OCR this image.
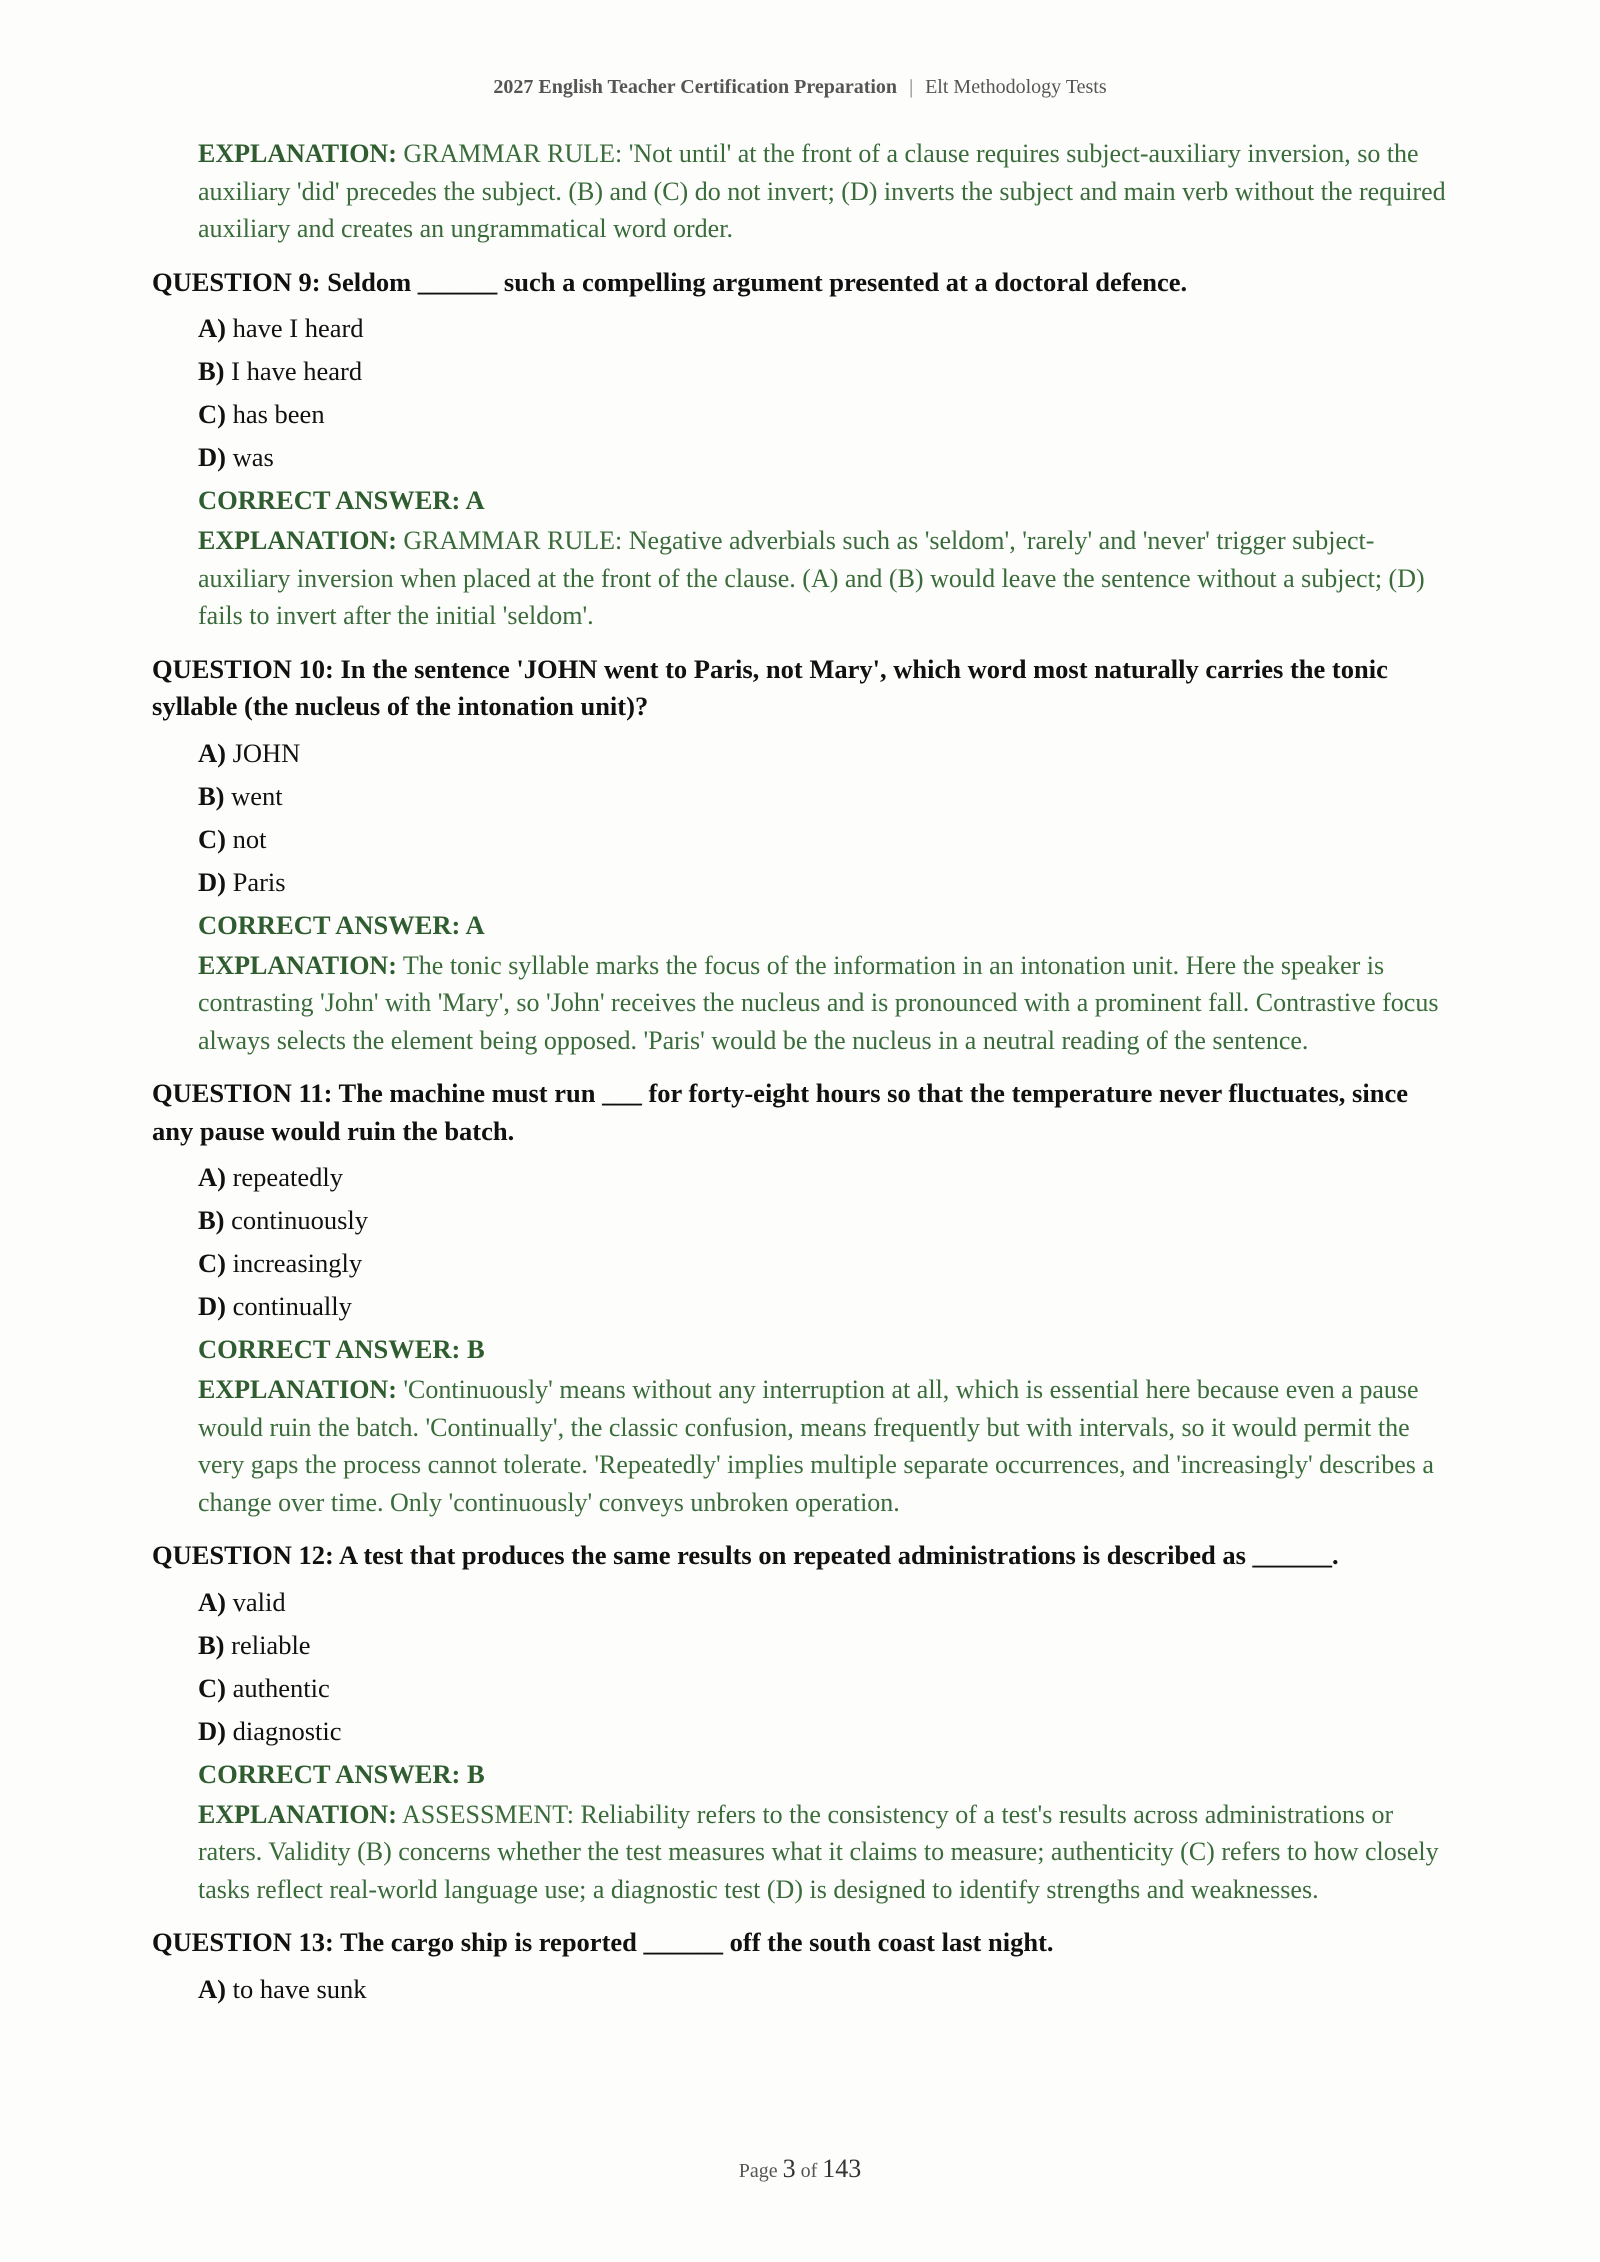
2027 English Teacher Certification Preparation | Elt Methodology Tests
EXPLANATION: GRAMMAR RULE: 'Not until' at the front of a clause requires subject-auxiliary inversion, so the auxiliary 'did' precedes the subject. (B) and (C) do not invert; (D) inverts the subject and main verb without the required auxiliary and creates an ungrammatical word order.
QUESTION 9: Seldom ______ such a compelling argument presented at a doctoral defence.
A) have I heard
B) I have heard
C) has been
D) was
CORRECT ANSWER: A
EXPLANATION: GRAMMAR RULE: Negative adverbials such as 'seldom', 'rarely' and 'never' trigger subject-auxiliary inversion when placed at the front of the clause. (A) and (B) would leave the sentence without a subject; (D) fails to invert after the initial 'seldom'.
QUESTION 10: In the sentence 'JOHN went to Paris, not Mary', which word most naturally carries the tonic syllable (the nucleus of the intonation unit)?
A) JOHN
B) went
C) not
D) Paris
CORRECT ANSWER: A
EXPLANATION: The tonic syllable marks the focus of the information in an intonation unit. Here the speaker is contrasting 'John' with 'Mary', so 'John' receives the nucleus and is pronounced with a prominent fall. Contrastive focus always selects the element being opposed. 'Paris' would be the nucleus in a neutral reading of the sentence.
QUESTION 11: The machine must run ___ for forty-eight hours so that the temperature never fluctuates, since any pause would ruin the batch.
A) repeatedly
B) continuously
C) increasingly
D) continually
CORRECT ANSWER: B
EXPLANATION: 'Continuously' means without any interruption at all, which is essential here because even a pause would ruin the batch. 'Continually', the classic confusion, means frequently but with intervals, so it would permit the very gaps the process cannot tolerate. 'Repeatedly' implies multiple separate occurrences, and 'increasingly' describes a change over time. Only 'continuously' conveys unbroken operation.
QUESTION 12: A test that produces the same results on repeated administrations is described as ______.
A) valid
B) reliable
C) authentic
D) diagnostic
CORRECT ANSWER: B
EXPLANATION: ASSESSMENT: Reliability refers to the consistency of a test's results across administrations or raters. Validity (B) concerns whether the test measures what it claims to measure; authenticity (C) refers to how closely tasks reflect real-world language use; a diagnostic test (D) is designed to identify strengths and weaknesses.
QUESTION 13: The cargo ship is reported ______ off the south coast last night.
A) to have sunk
Page 3 of 143
